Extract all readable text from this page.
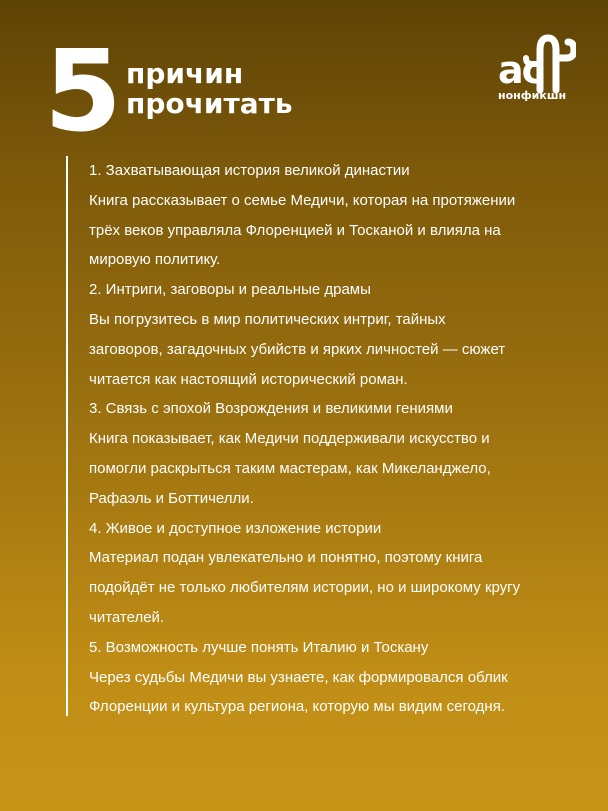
5 причин
прочитать
ас
нонфикшн

1. Захватывающая история великой династии

Книга рассказывает о семье Медичи, которая на протяжении

трёх веков управляла Флоренцией и Тосканой и влияла на

мировую политику.

2. Интриги, заговоры и реальные драмы

Вы погрузитесь в мир политических интриг, тайных

заговоров, загадочных убийств и ярких личностей — сюжет

читается как настоящий исторический роман.

3. Связь с эпохой Возрождения и великими гениями

Книга показывает, как Медичи поддерживали искусство и

помогли раскрыться таким мастерам, как Микеланджело,

Рафаэль и Боттичелли.

4. Живое и доступное изложение истории

Материал подан увлекательно и понятно, поэтому книга

подойдёт не только любителям истории, но и широкому кругу

читателей.

5. Возможность лучше понять Италию и Тоскану

Через судьбы Медичи вы узнаете, как формировался облик

Флоренции и культура региона, которую мы видим сегодня.
